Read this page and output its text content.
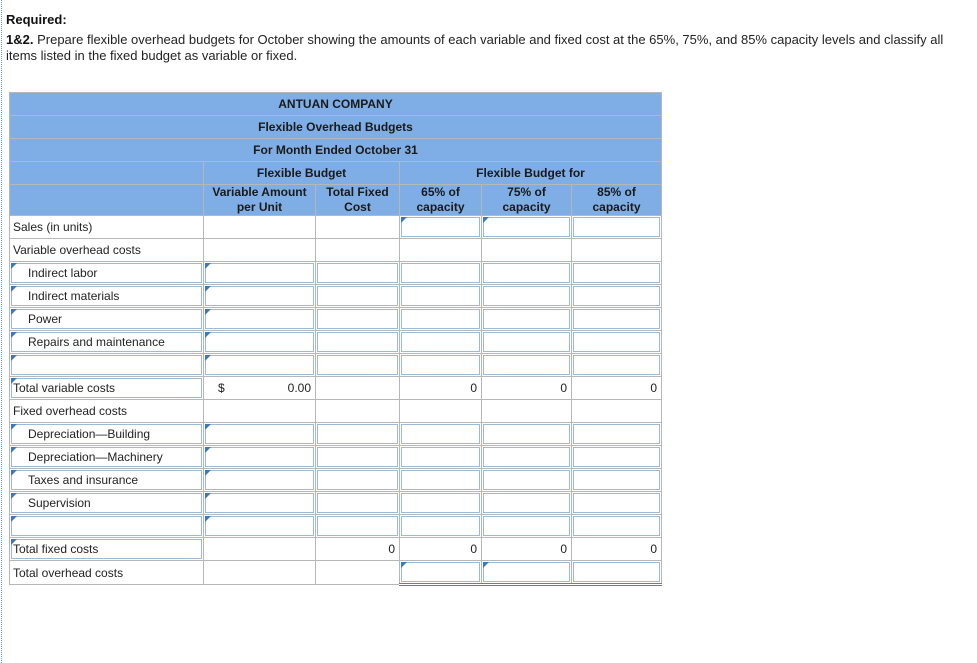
Required:
1&2. Prepare flexible overhead budgets for October showing the amounts of each variable and fixed cost at the 65%, 75%, and 85% capacity levels and classify all items listed in the fixed budget as variable or fixed.
ANTUAN COMPANY					
Flexible Overhead Budgets					
For Month Ended October 31					
	Flexible Budget		Flexible Budget for		
	Variable Amount per Unit	Total Fixed Cost	65% of capacity	75% of capacity	85% of capacity
Sales (in units)			

Variable overhead costs					

Indirect labor	

Indirect materials	

Power	

Repairs and maintenance	

Total variable costs	$ 0.00		0	0	0
Fixed overhead costs					

Depreciation—Building	

Depreciation—Machinery	

Taxes and insurance	

Supervision	

Total fixed costs		0	0	0	0
Total overhead costs			
